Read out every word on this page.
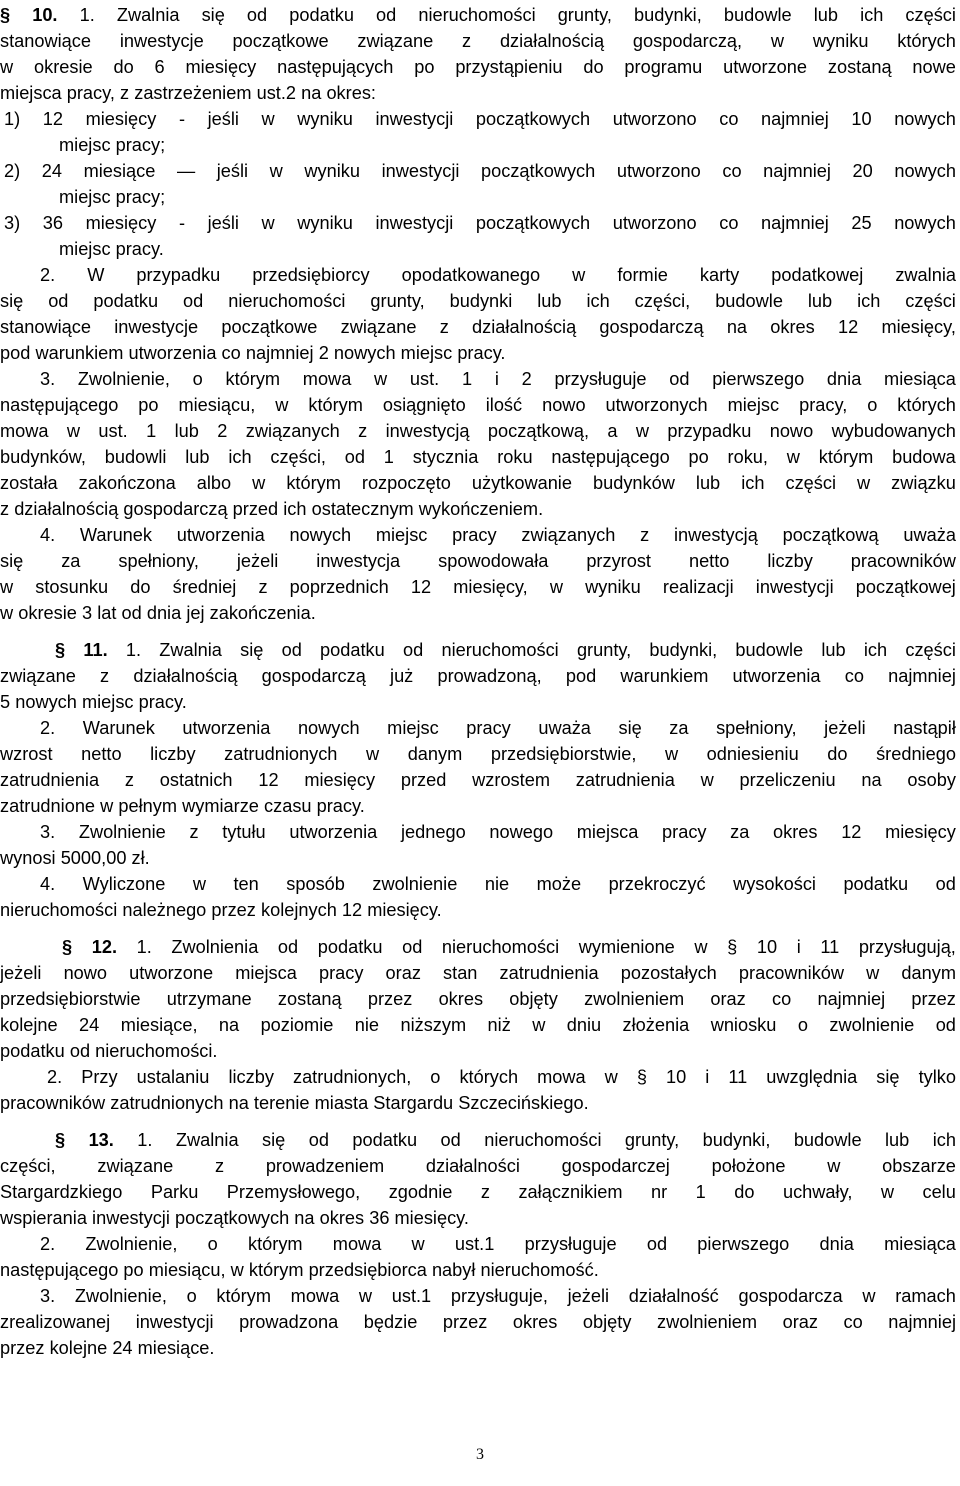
§ 10. 1. Zwalnia się od podatku od nieruchomości grunty, budynki, budowle lub ich części
stanowiące inwestycje początkowe związane z działalnością gospodarczą, w wyniku których
w okresie do 6 miesięcy następujących po przystąpieniu do programu utworzone zostaną nowe
miejsca pracy, z zastrzeżeniem ust.2 na okres:
1) 12 miesięcy - jeśli w wyniku inwestycji początkowych utworzono co najmniej 10 nowych
miejsc pracy;
2) 24 miesiące — jeśli w wyniku inwestycji początkowych utworzono co najmniej 20 nowych
miejsc pracy;
3) 36 miesięcy - jeśli w wyniku inwestycji początkowych utworzono co najmniej 25 nowych
miejsc pracy.
2. W przypadku przedsiębiorcy opodatkowanego w formie karty podatkowej zwalnia
się od podatku od nieruchomości grunty, budynki lub ich części, budowle lub ich części
stanowiące inwestycje początkowe związane z działalnością gospodarczą na okres 12 miesięcy,
pod warunkiem utworzenia co najmniej 2 nowych miejsc pracy.
3. Zwolnienie, o którym mowa w ust. 1 i 2 przysługuje od pierwszego dnia miesiąca
następującego po miesiącu, w którym osiągnięto ilość nowo utworzonych miejsc pracy, o których
mowa w ust. 1 lub 2 związanych z inwestycją początkową, a w przypadku nowo wybudowanych
budynków, budowli lub ich części, od 1 stycznia roku następującego po roku, w którym budowa
została zakończona albo w którym rozpoczęto użytkowanie budynków lub ich części w związku
z działalnością gospodarczą przed ich ostatecznym wykończeniem.
4. Warunek utworzenia nowych miejsc pracy związanych z inwestycją początkową uważa
się za spełniony, jeżeli inwestycja spowodowała przyrost netto liczby pracowników
w stosunku do średniej z poprzednich 12 miesięcy, w wyniku realizacji inwestycji początkowej
w okresie 3 lat od dnia jej zakończenia.
§ 11. 1. Zwalnia się od podatku od nieruchomości grunty, budynki, budowle lub ich części
związane z działalnością gospodarczą już prowadzoną, pod warunkiem utworzenia co najmniej
5 nowych miejsc pracy.
2. Warunek utworzenia nowych miejsc pracy uważa się za spełniony, jeżeli nastąpił
wzrost netto liczby zatrudnionych w danym przedsiębiorstwie, w odniesieniu do średniego
zatrudnienia z ostatnich 12 miesięcy przed wzrostem zatrudnienia w przeliczeniu na osoby
zatrudnione w pełnym wymiarze czasu pracy.
3. Zwolnienie z tytułu utworzenia jednego nowego miejsca pracy za okres 12 miesięcy
wynosi 5000,00 zł.
4. Wyliczone w ten sposób zwolnienie nie może przekroczyć wysokości podatku od
nieruchomości należnego przez kolejnych 12 miesięcy.
§ 12. 1. Zwolnienia od podatku od nieruchomości wymienione w § 10 i 11 przysługują,
jeżeli nowo utworzone miejsca pracy oraz stan zatrudnienia pozostałych pracowników w danym
przedsiębiorstwie utrzymane zostaną przez okres objęty zwolnieniem oraz co najmniej przez
kolejne 24 miesiące, na poziomie nie niższym niż w dniu złożenia wniosku o zwolnienie od
podatku od nieruchomości.
2. Przy ustalaniu liczby zatrudnionych, o których mowa w § 10 i 11 uwzględnia się tylko
pracowników zatrudnionych na terenie miasta Stargardu Szczecińskiego.
§ 13. 1. Zwalnia się od podatku od nieruchomości grunty, budynki, budowle lub ich
części, związane z prowadzeniem działalności gospodarczej położone w obszarze
Stargardzkiego Parku Przemysłowego, zgodnie z załącznikiem nr 1 do uchwały, w celu
wspierania inwestycji początkowych na okres 36 miesięcy.
2. Zwolnienie, o którym mowa w ust.1 przysługuje od pierwszego dnia miesiąca
następującego po miesiącu, w którym przedsiębiorca nabył nieruchomość.
3. Zwolnienie, o którym mowa w ust.1 przysługuje, jeżeli działalność gospodarcza w ramach
zrealizowanej inwestycji prowadzona będzie przez okres objęty zwolnieniem oraz co najmniej
przez kolejne 24 miesiące.
3
